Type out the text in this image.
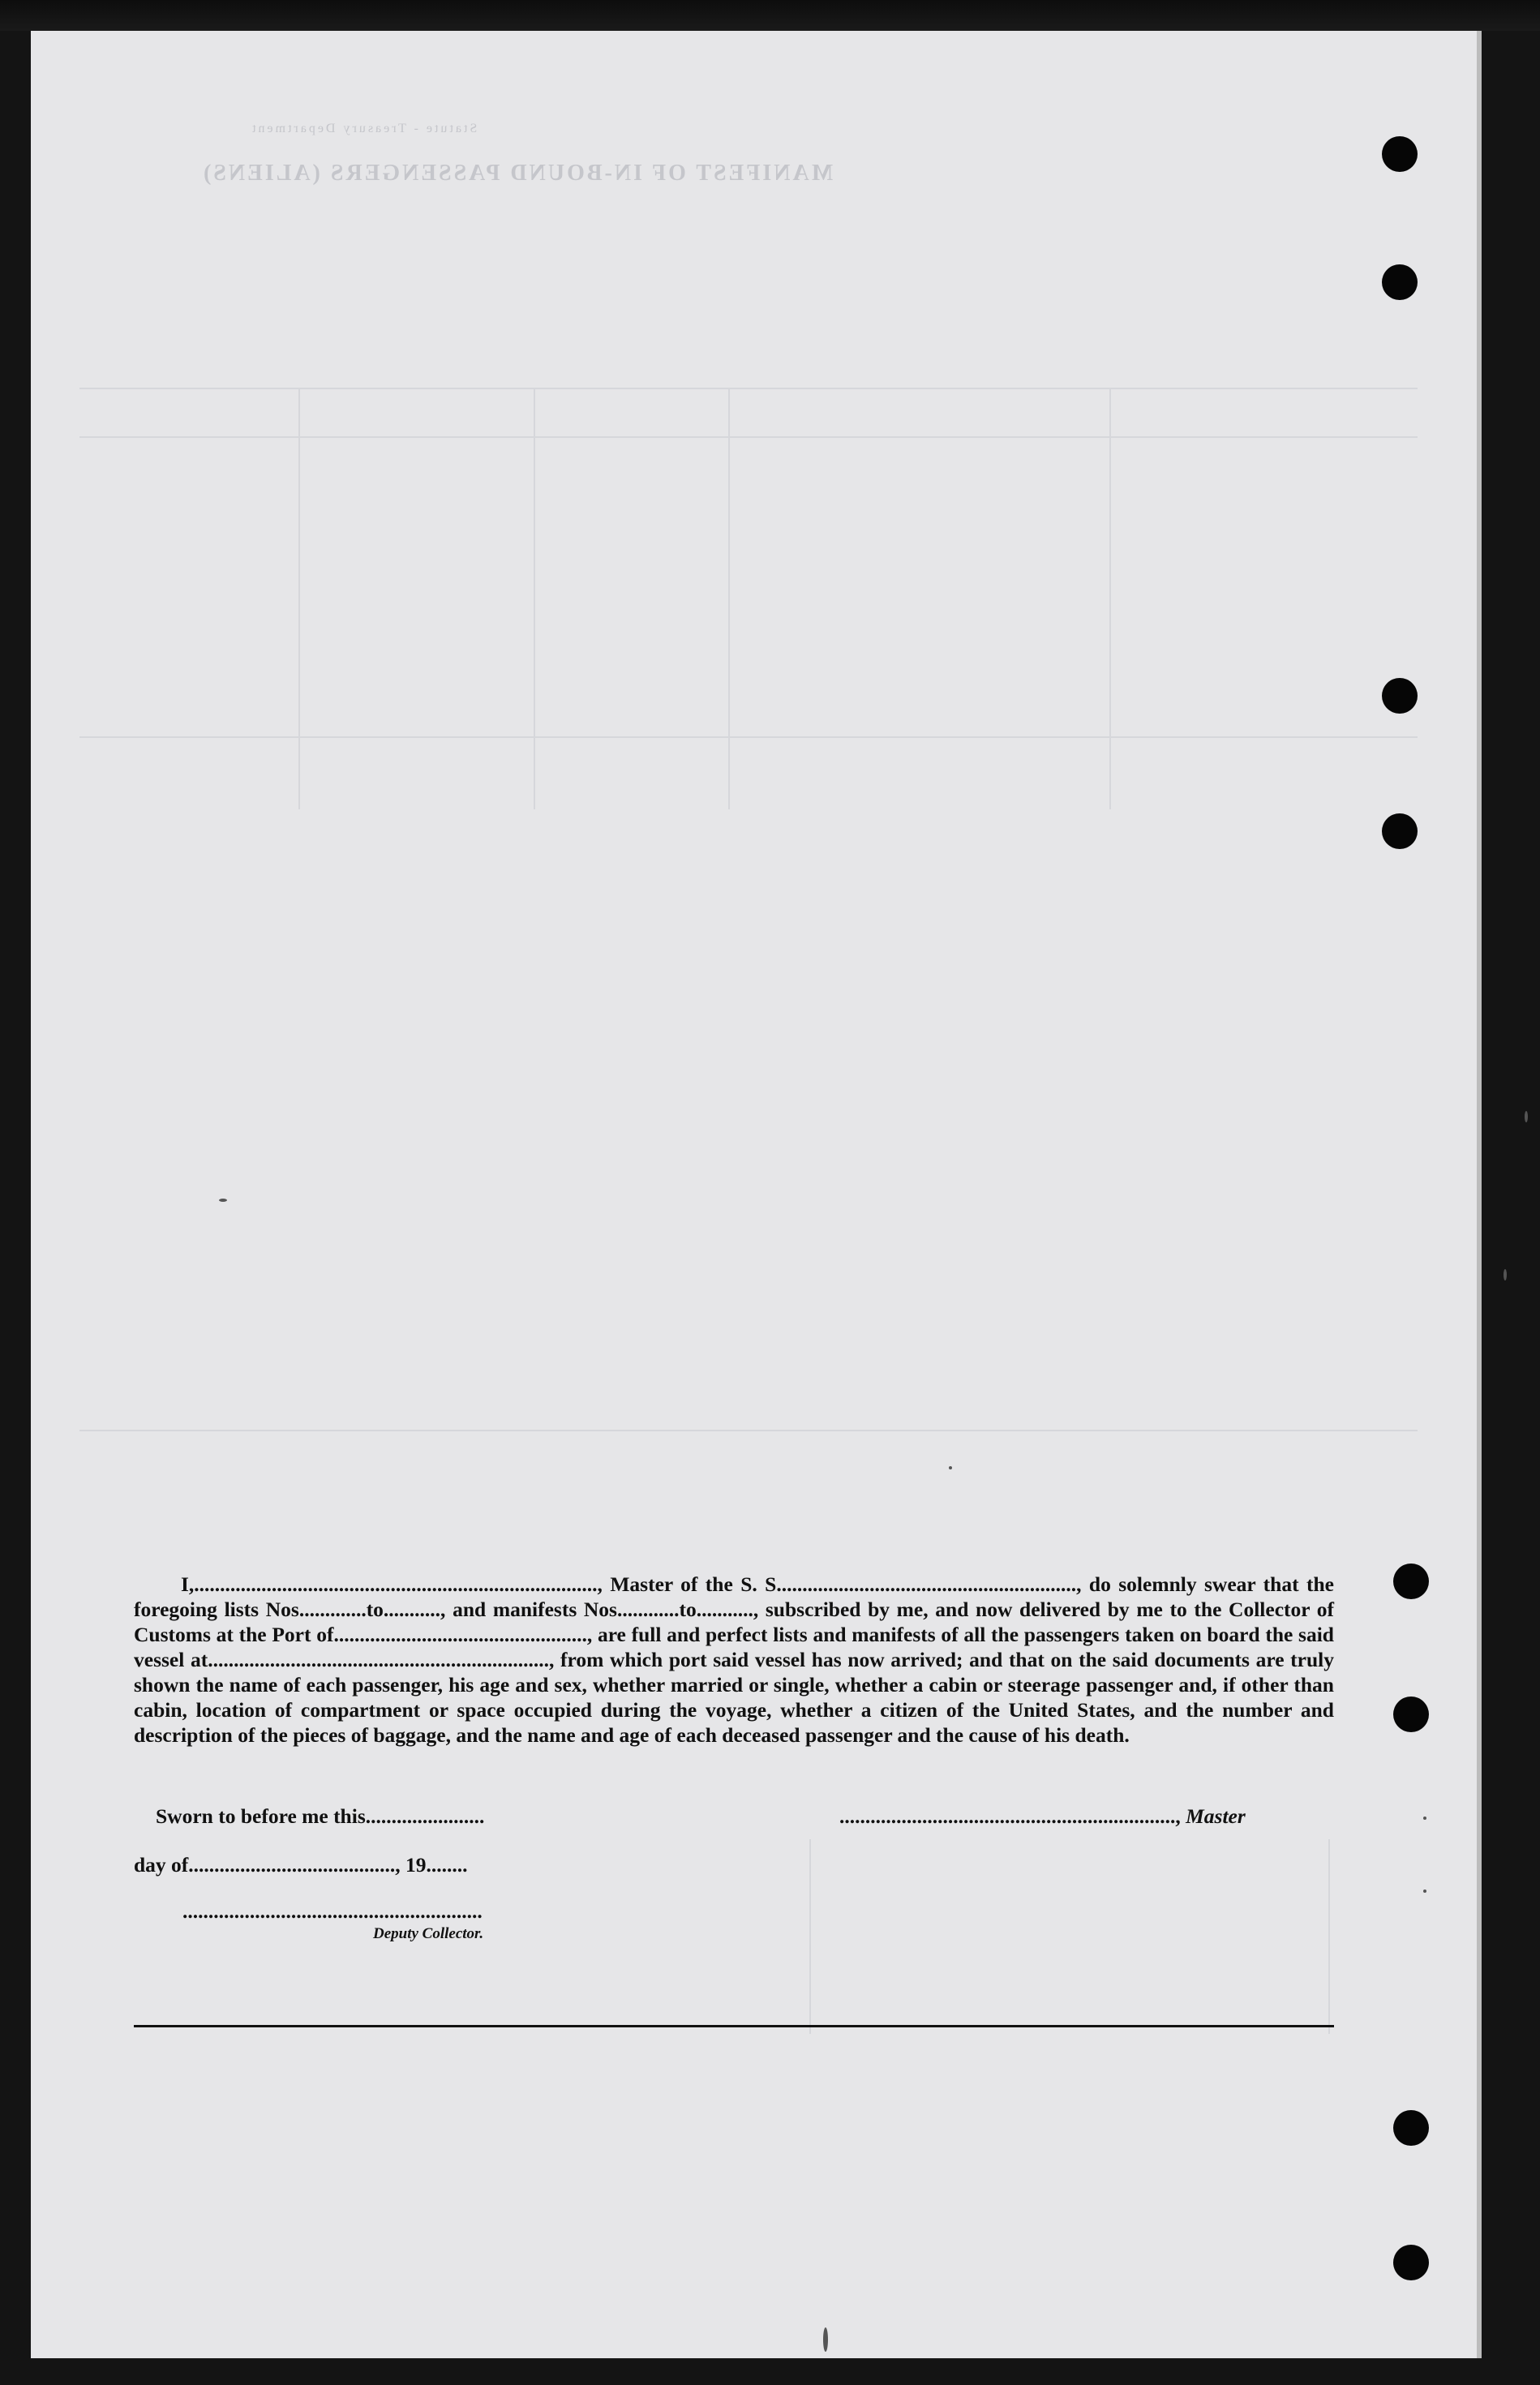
Statute - Treasury Department
MANIFEST OF IN-BOUND PASSENGERS (ALIENS)

I,.............................................................................., Master of the S. S.........................................................., do solemnly swear that the foregoing lists Nos.............to..........., and manifests Nos............to..........., subscribed by me, and now delivered by me to the Collector of Customs at the Port of................................................., are full and perfect lists and manifests of all the passengers taken on board the said vessel at.................................................................., from which port said vessel has now arrived; and that on the said documents are truly shown the name of each passenger, his age and sex, whether married or single, whether a cabin or steerage passenger and, if other than cabin, location of compartment or space occupied during the voyage, whether a citizen of the United States, and the number and description of the pieces of baggage, and the name and age of each deceased passenger and the cause of his death.

Sworn to before me this.......................	................................................................., Master
day of........................................, 19........
..........................................................
Deputy Collector.
